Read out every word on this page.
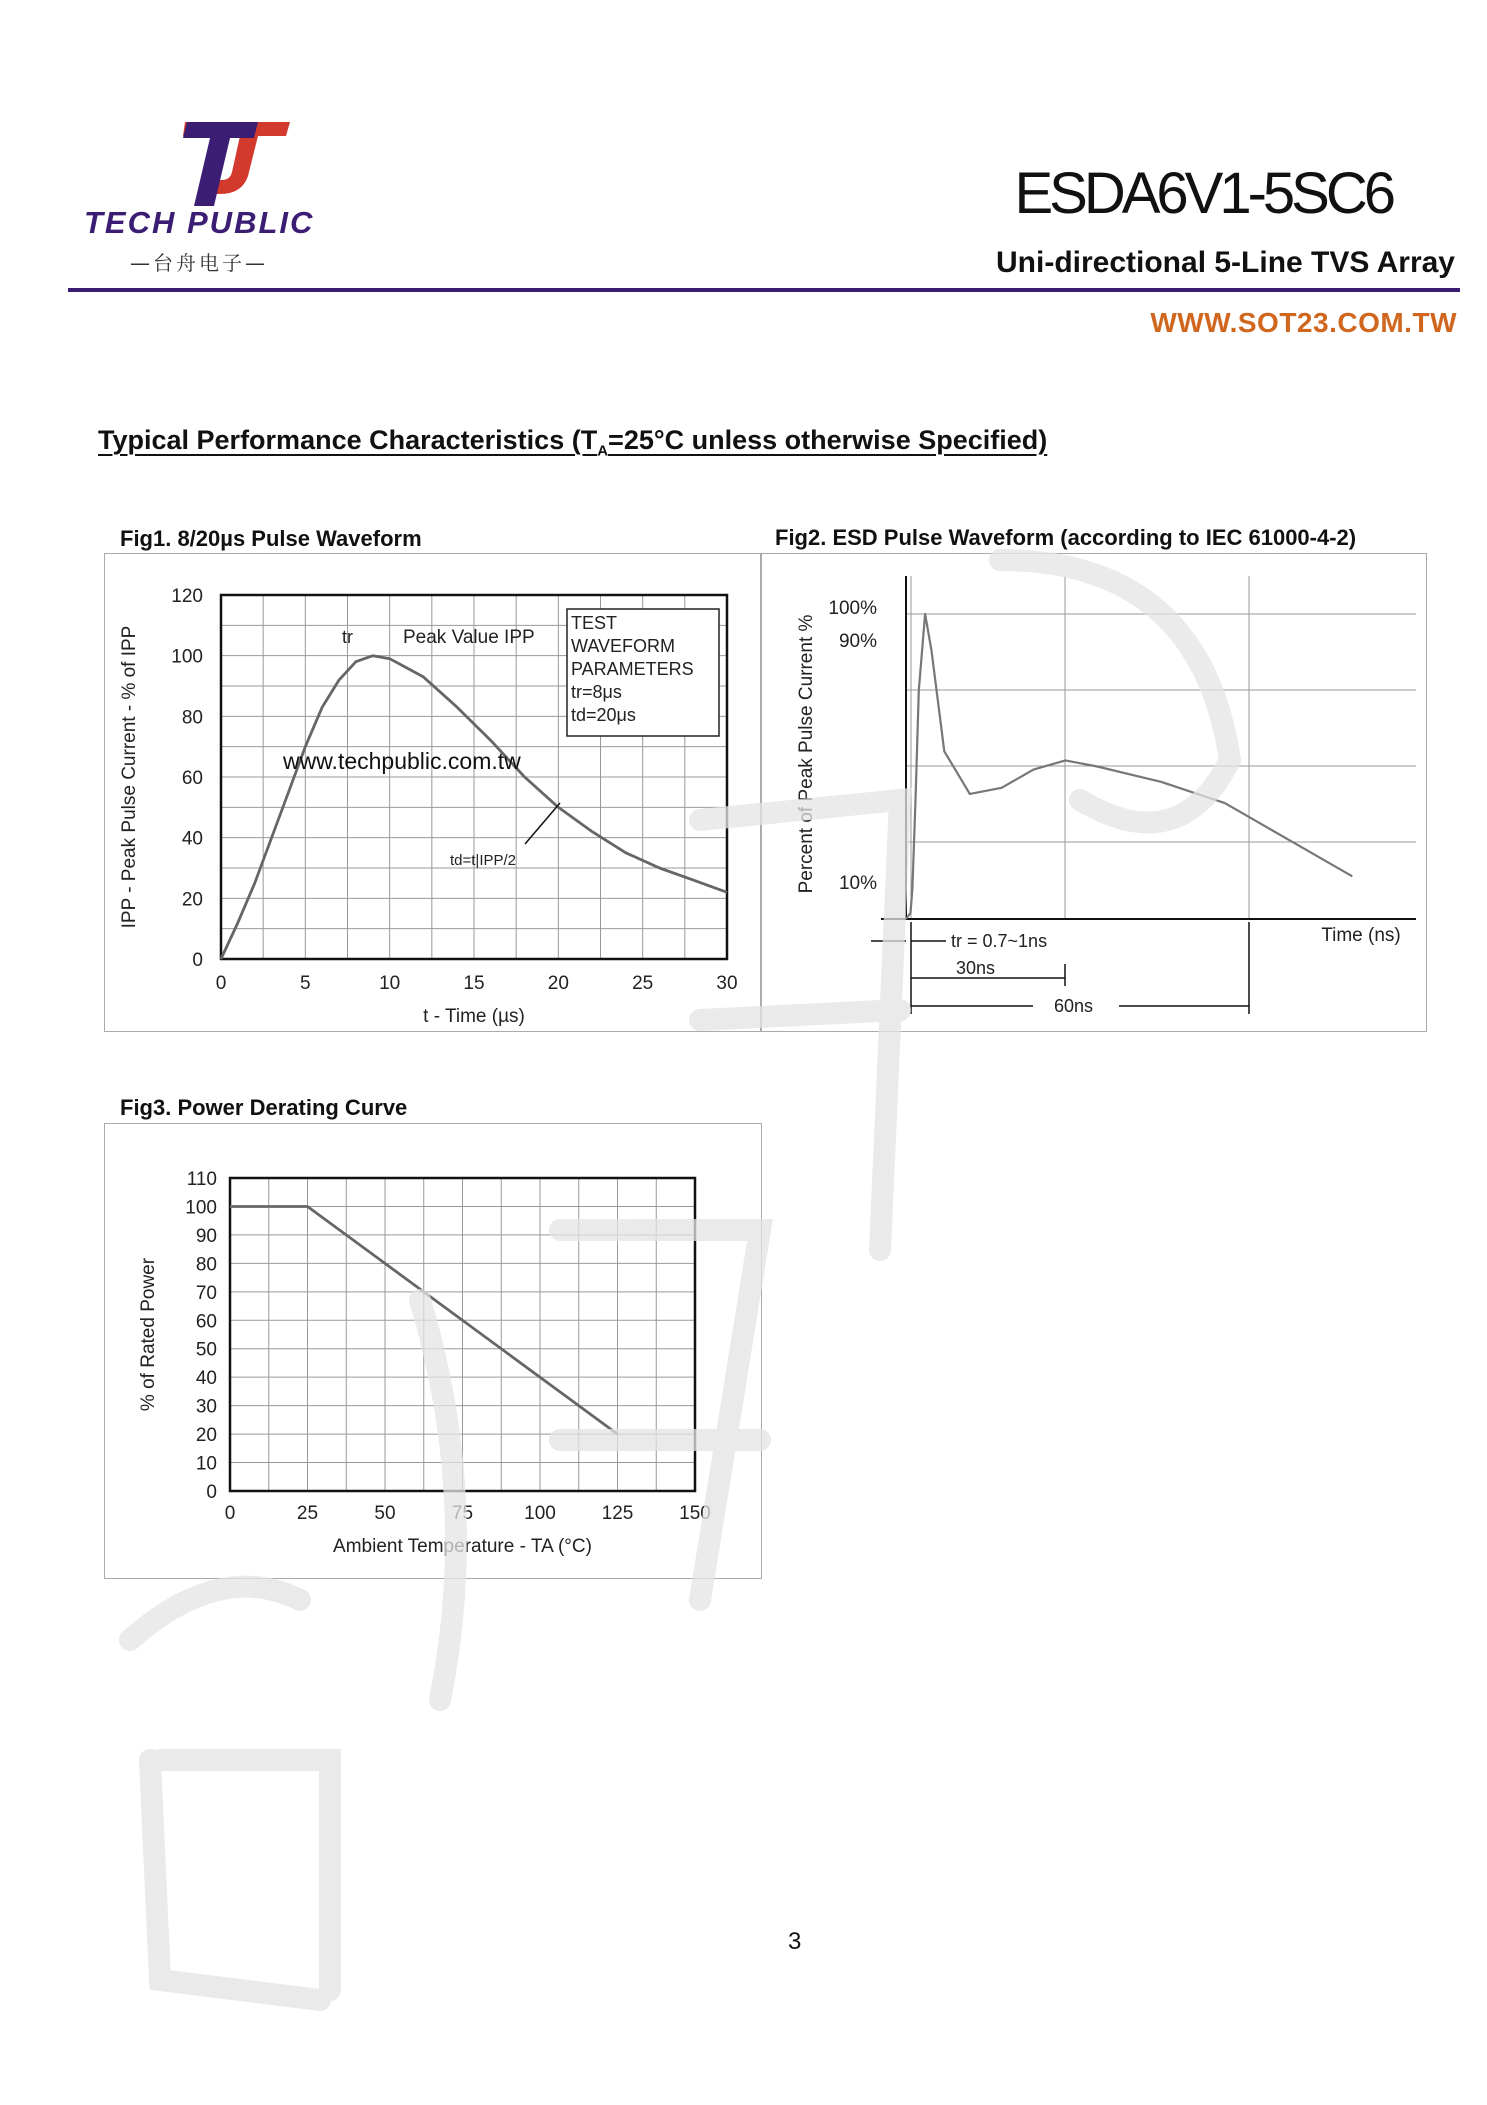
TECH PUBLIC
—台舟电子—
ESDA6V1-5SC6
Uni-directional 5-Line TVS Array
WWW.SOT23.COM.TW
Typical Performance Characteristics ($T_A=25^\circ C$ unless otherwise Specified)
Fig1. 8/20µs Pulse Waveform
0	5	10	15	20	25	30
0
20
40
60
80
100
120
t - Time (µs)
IPP - Peak Pulse Current - % of IPP
TEST
WAVEFORM
PARAMETERS
tr=8μs
td=20μs
tr	Peak Value IPP
www.techpublic.com.tw
td=t|IPP/2
Fig2. ESD Pulse Waveform (according to IEC 61000-4-2)
100%
90%
10%
Percent of Peak Pulse Current %
Time (ns)
tr = 0.7~1ns
30ns
60ns
Fig3. Power Derating Curve
0	25	50	75	100 125 150
0
10
20
30
40
50
60
70
80
90
100
110
Ambient Temperature - TA (°C)
% of Rated Power
3
